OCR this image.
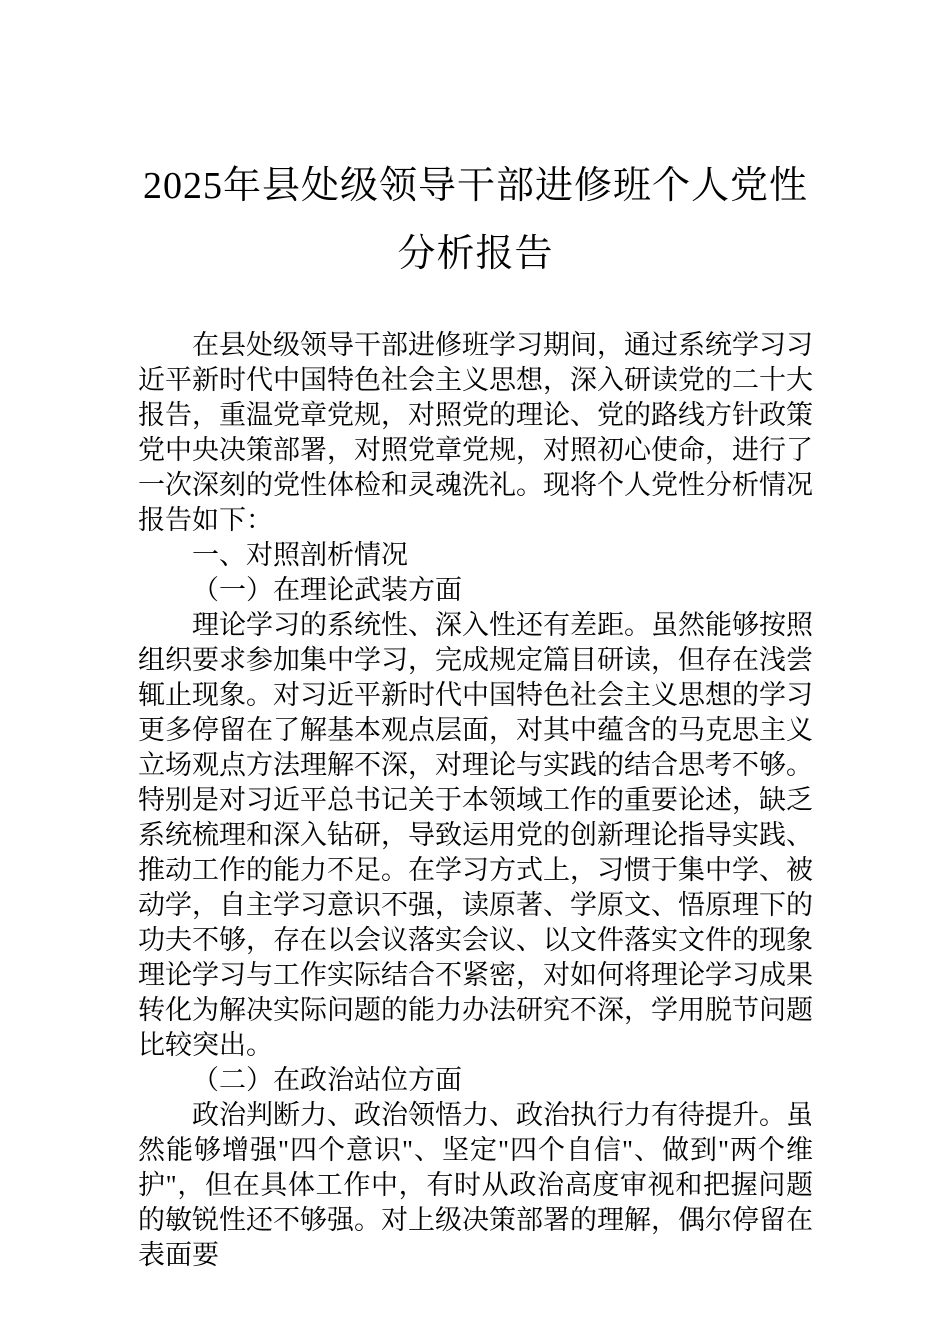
2025年县处级领导干部进修班个人党性分析报告

在县处级领导干部进修班学习期间，通过系统学习习近平新时代中国特色社会主义思想，深入研读党的二十大报告，重温党章党规，对照党的理论、党的路线方针政策党中央决策部署，对照党章党规，对照初心使命，进行了一次深刻的党性体检和灵魂洗礼。现将个人党性分析情况报告如下：

一、对照剖析情况

（一）在理论武装方面

理论学习的系统性、深入性还有差距。虽然能够按照组织要求参加集中学习，完成规定篇目研读，但存在浅尝辄止现象。对习近平新时代中国特色社会主义思想的学习更多停留在了解基本观点层面，对其中蕴含的马克思主义立场观点方法理解不深，对理论与实践的结合思考不够。特别是对习近平总书记关于本领域工作的重要论述，缺乏系统梳理和深入钻研，导致运用党的创新理论指导实践、推动工作的能力不足。在学习方式上，习惯于集中学、被动学，自主学习意识不强，读原著、学原文、悟原理下的功夫不够，存在以会议落实会议、以文件落实文件的现象理论学习与工作实际结合不紧密，对如何将理论学习成果转化为解决实际问题的能力办法研究不深，学用脱节问题比较突出。

（二）在政治站位方面

政治判断力、政治领悟力、政治执行力有待提升。虽然能够增强"四个意识"、坚定"四个自信"、做到"两个维护"，但在具体工作中，有时从政治高度审视和把握问题的敏锐性还不够强。对上级决策部署的理解，偶尔停留在表面要
